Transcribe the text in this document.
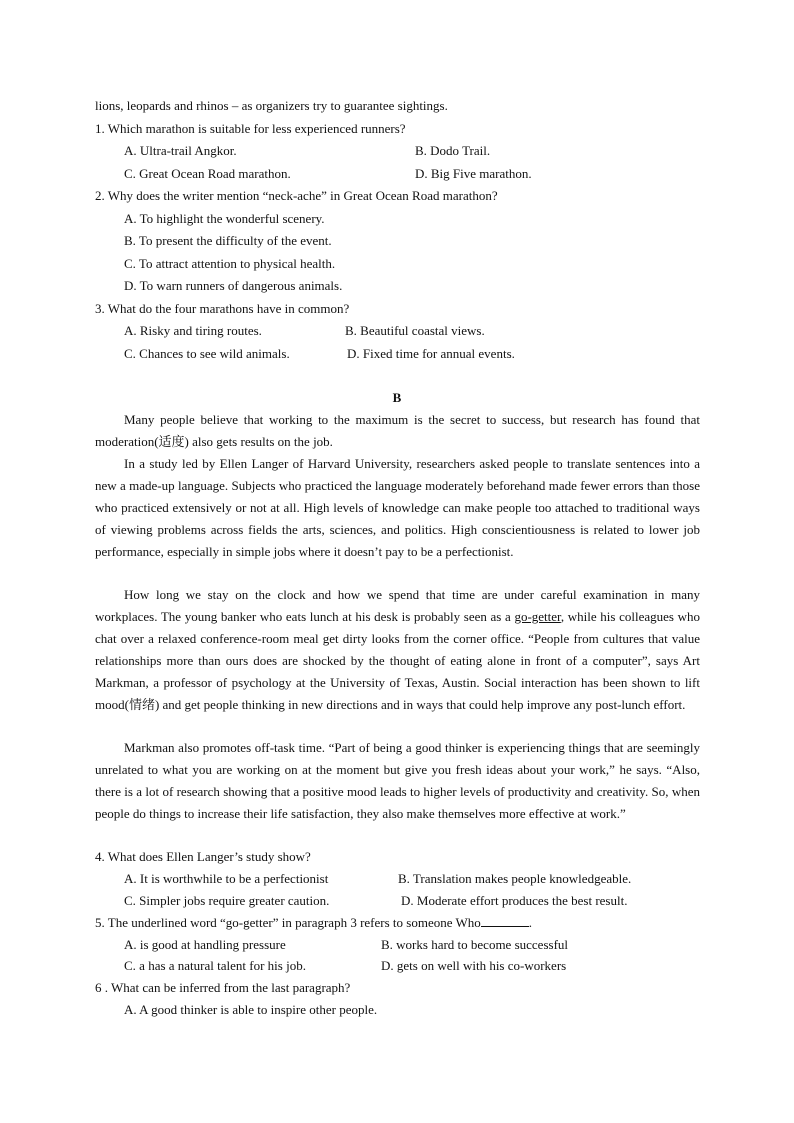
lions, leopards and rhinos – as organizers try to guarantee sightings.
1. Which marathon is suitable for less experienced runners?
A. Ultra-trail Angkor.	B. Dodo Trail.
C. Great Ocean Road marathon.	D. Big Five marathon.
2. Why does the writer mention “neck-ache” in Great Ocean Road marathon?
A. To highlight the wonderful scenery.
B. To present the difficulty of the event.
C. To attract attention to physical health.
D. To warn runners of dangerous animals.
3. What do the four marathons have in common?
A. Risky and tiring routes.	B. Beautiful coastal views.
C. Chances to see wild animals.	D. Fixed time for annual events.
B

Many people believe that working to the maximum is the secret to success, but research has found that moderation(适度) also gets results on the job.

In a study led by Ellen Langer of Harvard University, researchers asked people to translate sentences into a new a made-up language. Subjects who practiced the language moderately beforehand made fewer errors than those who practiced extensively or not at all. High levels of knowledge can make people too attached to traditional ways of viewing problems across fields the arts, sciences, and politics. High conscientiousness is related to lower job performance, especially in simple jobs where it doesn’t pay to be a perfectionist.

How long we stay on the clock and how we spend that time are under careful examination in many workplaces. The young banker who eats lunch at his desk is probably seen as a go-getter, while his colleagues who chat over a relaxed conference-room meal get dirty looks from the corner office. “People from cultures that value relationships more than ours does are shocked by the thought of eating alone in front of a computer”, says Art Markman, a professor of psychology at the University of Texas, Austin. Social interaction has been shown to lift mood(情绪) and get people thinking in new directions and in ways that could help improve any post-lunch effort.

Markman also promotes off-task time. “Part of being a good thinker is experiencing things that are seemingly unrelated to what you are working on at the moment but give you fresh ideas about your work,” he says. “Also, there is a lot of research showing that a positive mood leads to higher levels of productivity and creativity. So, when people do things to increase their life satisfaction, they also make themselves more effective at work.”

4. What does Ellen Langer’s study show?
A. It is worthwhile to be a perfectionist	B. Translation makes people knowledgeable.
C. Simpler jobs require greater caution.	D. Moderate effort produces the best result.
5. The underlined word “go-getter” in paragraph 3 refers to someone Who	.
A. is good at handling pressure	B. works hard to become successful
C. a has a natural talent for his job.	D. gets on well with his co-workers
6 . What can be inferred from the last paragraph?
A. A good thinker is able to inspire other people.
